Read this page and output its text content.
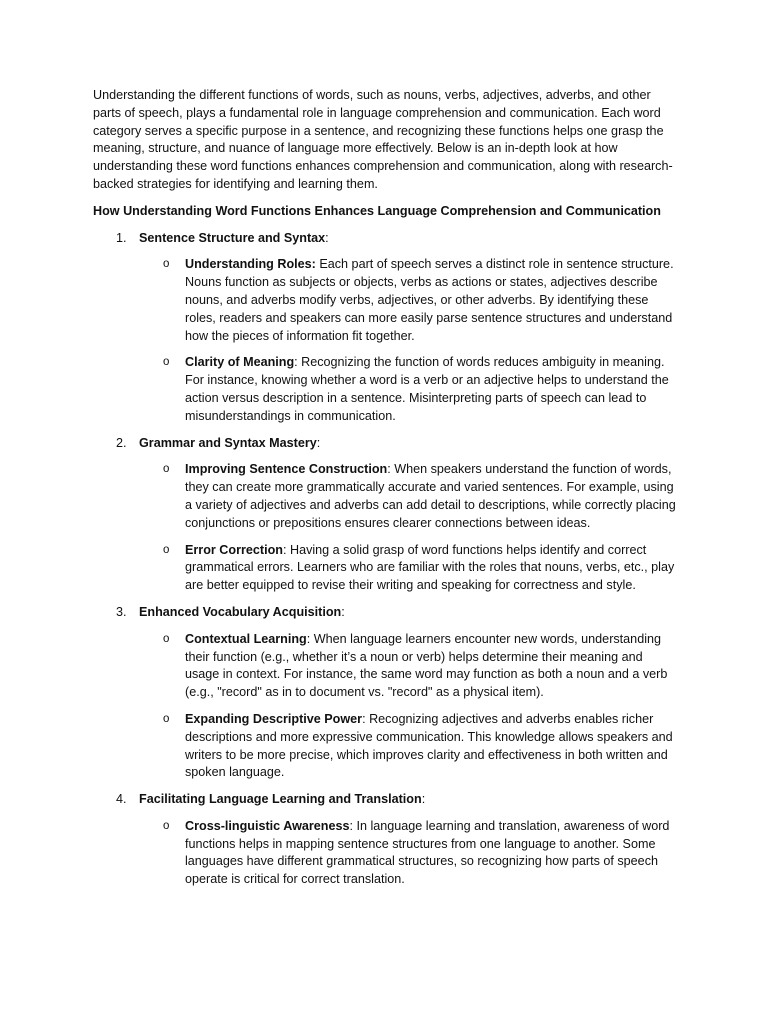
Understanding the different functions of words, such as nouns, verbs, adjectives, adverbs, and other parts of speech, plays a fundamental role in language comprehension and communication. Each word category serves a specific purpose in a sentence, and recognizing these functions helps one grasp the meaning, structure, and nuance of language more effectively. Below is an in-depth look at how understanding these word functions enhances comprehension and communication, along with research-backed strategies for identifying and learning them.

How Understanding Word Functions Enhances Language Comprehension and Communication

1. Sentence Structure and Syntax:

o Understanding Roles: Each part of speech serves a distinct role in sentence structure. Nouns function as subjects or objects, verbs as actions or states, adjectives describe nouns, and adverbs modify verbs, adjectives, or other adverbs. By identifying these roles, readers and speakers can more easily parse sentence structures and understand how the pieces of information fit together.

o Clarity of Meaning: Recognizing the function of words reduces ambiguity in meaning. For instance, knowing whether a word is a verb or an adjective helps to understand the action versus description in a sentence. Misinterpreting parts of speech can lead to misunderstandings in communication.

2. Grammar and Syntax Mastery:

o Improving Sentence Construction: When speakers understand the function of words, they can create more grammatically accurate and varied sentences. For example, using a variety of adjectives and adverbs can add detail to descriptions, while correctly placing conjunctions or prepositions ensures clearer connections between ideas.

o Error Correction: Having a solid grasp of word functions helps identify and correct grammatical errors. Learners who are familiar with the roles that nouns, verbs, etc., play are better equipped to revise their writing and speaking for correctness and style.

3. Enhanced Vocabulary Acquisition:

o Contextual Learning: When language learners encounter new words, understanding their function (e.g., whether it’s a noun or verb) helps determine their meaning and usage in context. For instance, the same word may function as both a noun and a verb (e.g., "record" as in to document vs. "record" as a physical item).

o Expanding Descriptive Power: Recognizing adjectives and adverbs enables richer descriptions and more expressive communication. This knowledge allows speakers and writers to be more precise, which improves clarity and effectiveness in both written and spoken language.

4. Facilitating Language Learning and Translation:

o Cross-linguistic Awareness: In language learning and translation, awareness of word functions helps in mapping sentence structures from one language to another. Some languages have different grammatical structures, so recognizing how parts of speech operate is critical for correct translation.
